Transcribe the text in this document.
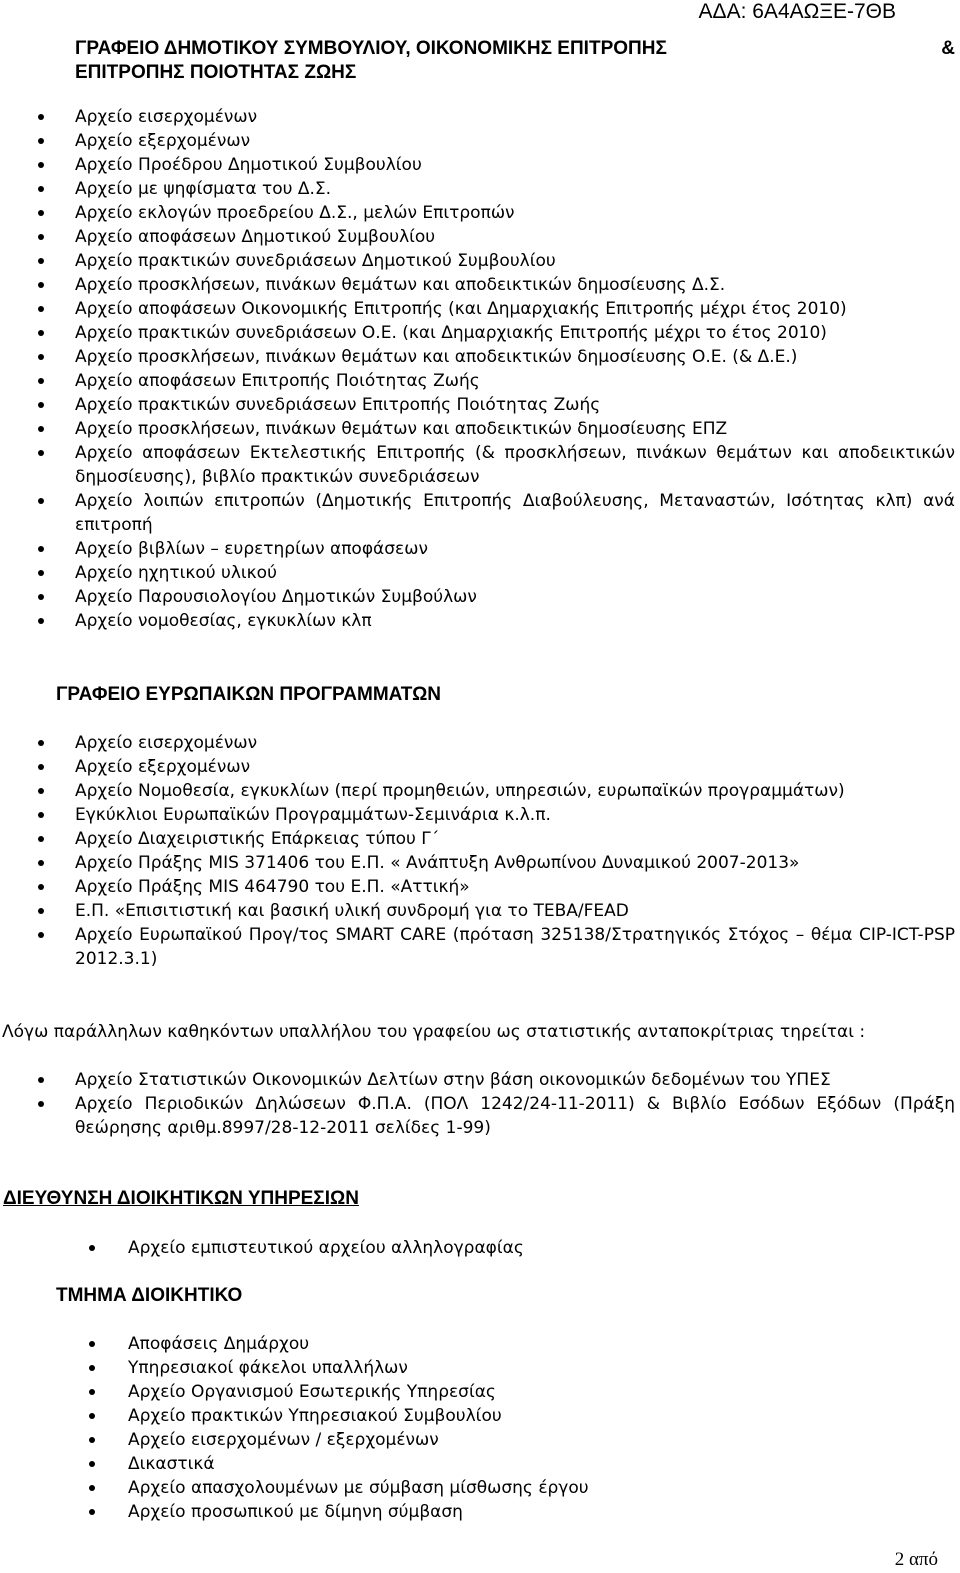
ΑΔΑ: 6Α4ΑΩΞΕ-7ΘΒ
ΓΡΑΦΕΙΟ ΔΗΜΟΤΙΚΟΥ ΣΥΜΒΟΥΛΙΟΥ, ΟΙΚΟΝΟΜΙΚΗΣ ΕΠΙΤΡΟΠΗΣ	&
ΕΠΙΤΡΟΠΗΣ ΠΟΙΟΤΗΤΑΣ ΖΩΗΣ
Αρχείο εισερχομένων
Αρχείο εξερχομένων
Αρχείο Προέδρου Δημοτικού Συμβουλίου
Αρχείο με ψηφίσματα του Δ.Σ.
Αρχείο εκλογών προεδρείου Δ.Σ., μελών Επιτροπών
Αρχείο αποφάσεων Δημοτικού Συμβουλίου
Αρχείο πρακτικών συνεδριάσεων Δημοτικού Συμβουλίου
Αρχείο προσκλήσεων, πινάκων θεμάτων και αποδεικτικών δημοσίευσης Δ.Σ.
Αρχείο αποφάσεων Οικονομικής Επιτροπής (και Δημαρχιακής Επιτροπής μέχρι έτος 2010)
Αρχείο πρακτικών συνεδριάσεων Ο.Ε. (και Δημαρχιακής Επιτροπής μέχρι το έτος 2010)
Αρχείο προσκλήσεων, πινάκων θεμάτων και αποδεικτικών δημοσίευσης Ο.Ε. (& Δ.Ε.)
Αρχείο αποφάσεων Επιτροπής Ποιότητας Ζωής
Αρχείο πρακτικών συνεδριάσεων Επιτροπής Ποιότητας Ζωής
Αρχείο προσκλήσεων, πινάκων θεμάτων και αποδεικτικών δημοσίευσης ΕΠΖ
Αρχείο αποφάσεων Εκτελεστικής Επιτροπής (& προσκλήσεων, πινάκων θεμάτων και αποδεικτικών δημοσίευσης), βιβλίο πρακτικών συνεδριάσεων
Αρχείο λοιπών επιτροπών (Δημοτικής Επιτροπής Διαβούλευσης, Μεταναστών, Ισότητας κλπ) ανά επιτροπή
Αρχείο βιβλίων – ευρετηρίων αποφάσεων
Αρχείο ηχητικού υλικού
Αρχείο Παρουσιολογίου Δημοτικών Συμβούλων
Αρχείο νομοθεσίας, εγκυκλίων κλπ
ΓΡΑΦΕΙΟ ΕΥΡΩΠΑΙΚΩΝ ΠΡΟΓΡΑΜΜΑΤΩΝ
Αρχείο εισερχομένων
Αρχείο εξερχομένων
Αρχείο Νομοθεσία, εγκυκλίων (περί προμηθειών, υπηρεσιών, ευρωπαϊκών προγραμμάτων)
Εγκύκλιοι Ευρωπαϊκών Προγραμμάτων-Σεμινάρια κ.λ.π.
Αρχείο Διαχειριστικής Επάρκειας τύπου Γ΄
Αρχείο Πράξης MIS 371406 του Ε.Π. « Ανάπτυξη Ανθρωπίνου Δυναμικού 2007-2013»
Αρχείο Πράξης MIS 464790 του Ε.Π. «Αττική»
Ε.Π. «Επισιτιστική και βασική υλική συνδρομή για το ΤΕΒΑ/FEAD
Αρχείο Ευρωπαϊκού Προγ/τος SMART CARE (πρόταση 325138/Στρατηγικός Στόχος – θέμα CIP-ICT-PSP 2012.3.1)
Λόγω παράλληλων καθηκόντων υπαλλήλου του γραφείου ως στατιστικής ανταποκρίτριας τηρείται :
Αρχείο Στατιστικών Οικονομικών Δελτίων στην βάση οικονομικών δεδομένων του ΥΠΕΣ
Αρχείο Περιοδικών Δηλώσεων Φ.Π.Α. (ΠΟΛ 1242/24-11-2011) & Βιβλίο Εσόδων Εξόδων (Πράξη θεώρησης αριθμ.8997/28-12-2011 σελίδες 1-99)
ΔΙΕΥΘΥΝΣΗ ΔΙΟΙΚΗΤΙΚΩΝ ΥΠΗΡΕΣΙΩΝ
Αρχείο εμπιστευτικού αρχείου αλληλογραφίας
ΤΜΗΜΑ ΔΙΟΙΚΗΤΙΚΟ
Αποφάσεις Δημάρχου
Υπηρεσιακοί φάκελοι υπαλλήλων
Αρχείο Οργανισμού Εσωτερικής Υπηρεσίας
Αρχείο πρακτικών Υπηρεσιακού Συμβουλίου
Αρχείο εισερχομένων / εξερχομένων
Δικαστικά
Αρχείο απασχολουμένων με σύμβαση μίσθωσης έργου
Αρχείο προσωπικού με δίμηνη σύμβαση
2 από
